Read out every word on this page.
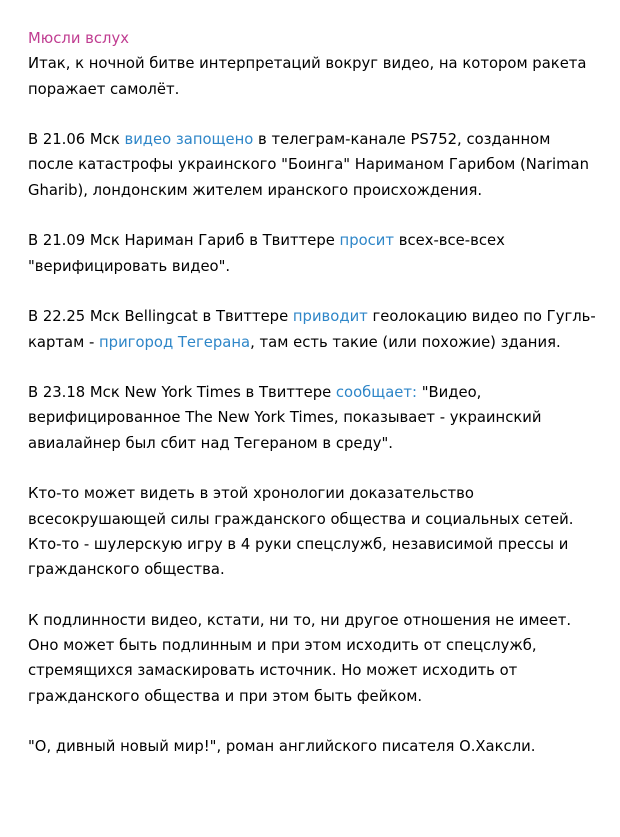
Мюсли вслух

Итак, к ночной битве интерпретаций вокруг видео, на котором ракета поражает самолёт.

В 21.06 Мск видео запощено в телеграм-канале PS752, созданном после катастрофы украинского "Боинга" Нариманом Гарибом (Nariman Gharib), лондонским жителем иранского происхождения.

В 21.09 Мск Нариман Гариб в Твиттере просит всех-все-всех "верифицировать видео".

В 22.25 Мск Bellingcat в Твиттере приводит геолокацию видео по Гугль-картам - пригород Тегерана, там есть такие (или похожие) здания.

В 23.18 Мск New York Times в Твиттере сообщает: "Видео, верифицированное The New York Times, показывает - украинский авиалайнер был сбит над Тегераном в среду".

Кто-то может видеть в этой хронологии доказательство всесокрушающей силы гражданского общества и социальных сетей. Кто-то - шулерскую игру в 4 руки спецслужб, независимой прессы и гражданского общества.

К подлинности видео, кстати, ни то, ни другое отношения не имеет. Оно может быть подлинным и при этом исходить от спецслужб, стремящихся замаскировать источник. Но может исходить от гражданского общества и при этом быть фейком.

"О, дивный новый мир!", роман английского писателя О.Хаксли.
